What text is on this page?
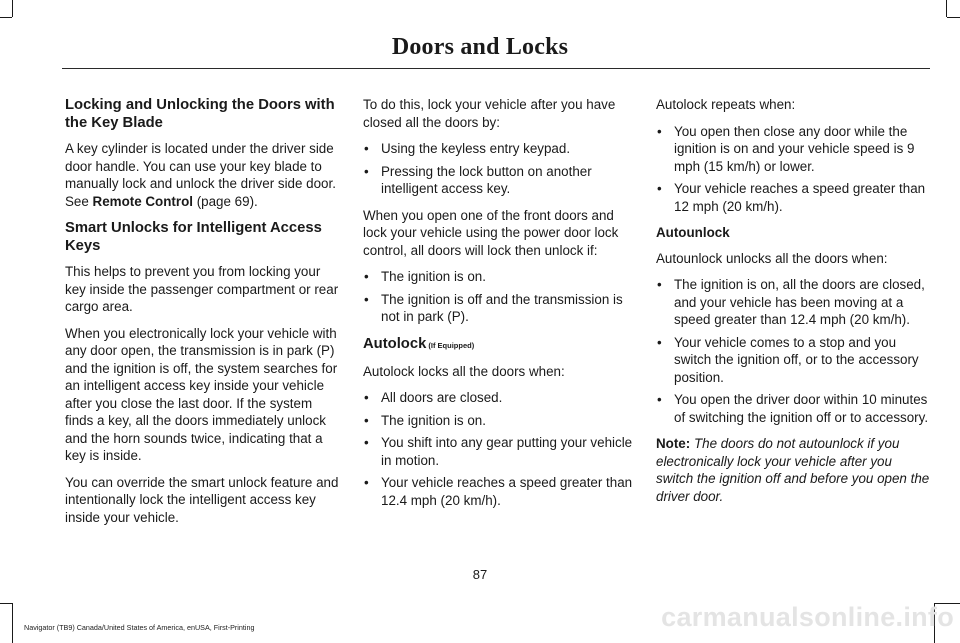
Doors and Locks
Locking and Unlocking the Doors with the Key Blade

A key cylinder is located under the driver side door handle. You can use your key blade to manually lock and unlock the driver side door. See Remote Control (page 69).

Smart Unlocks for Intelligent Access Keys

This helps to prevent you from locking your key inside the passenger compartment or rear cargo area.

When you electronically lock your vehicle with any door open, the transmission is in park (P) and the ignition is off, the system searches for an intelligent access key inside your vehicle after you close the last door. If the system finds a key, all the doors immediately unlock and the horn sounds twice, indicating that a key is inside.

You can override the smart unlock feature and intentionally lock the intelligent access key inside your vehicle.

To do this, lock your vehicle after you have closed all the doors by:

• Using the keyless entry keypad.
• Pressing the lock button on another intelligent access key.

When you open one of the front doors and lock your vehicle using the power door lock control, all doors will lock then unlock if:

• The ignition is on.
• The ignition is off and the transmission is not in park (P).
Autolock (If Equipped)

Autolock locks all the doors when:

• All doors are closed.
• The ignition is on.
• You shift into any gear putting your vehicle in motion.
• Your vehicle reaches a speed greater than 12.4 mph (20 km/h).

Autolock repeats when:

• You open then close any door while the ignition is on and your vehicle speed is 9 mph (15 km/h) or lower.
• Your vehicle reaches a speed greater than 12 mph (20 km/h).
Autounlock

Autounlock unlocks all the doors when:

• The ignition is on, all the doors are closed, and your vehicle has been moving at a speed greater than 12.4 mph (20 km/h).
• Your vehicle comes to a stop and you switch the ignition off, or to the accessory position.
• You open the driver door within 10 minutes of switching the ignition off or to accessory.

Note: The doors do not autounlock if you electronically lock your vehicle after you switch the ignition off and before you open the driver door.

87
Navigator (TB9) Canada/United States of America, enUSA, First-Printing	carmanualsonline.info
